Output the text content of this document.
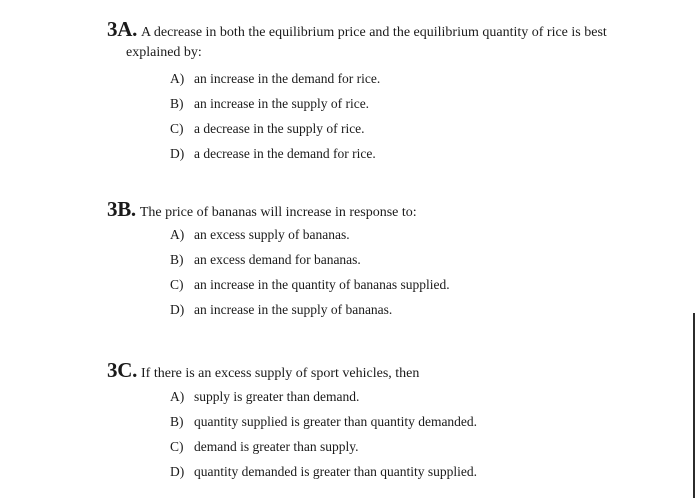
3A. A decrease in both the equilibrium price and the equilibrium quantity of rice is best
explained by:
A) an increase in the demand for rice.
B) an increase in the supply of rice.
C) a decrease in the supply of rice.
D) a decrease in the demand for rice.
3B. The price of bananas will increase in response to:
A) an excess supply of bananas.
B) an excess demand for bananas.
C) an increase in the quantity of bananas supplied.
D) an increase in the supply of bananas.
3C. If there is an excess supply of sport vehicles, then
A) supply is greater than demand.
B) quantity supplied is greater than quantity demanded.
C) demand is greater than supply.
D) quantity demanded is greater than quantity supplied.
